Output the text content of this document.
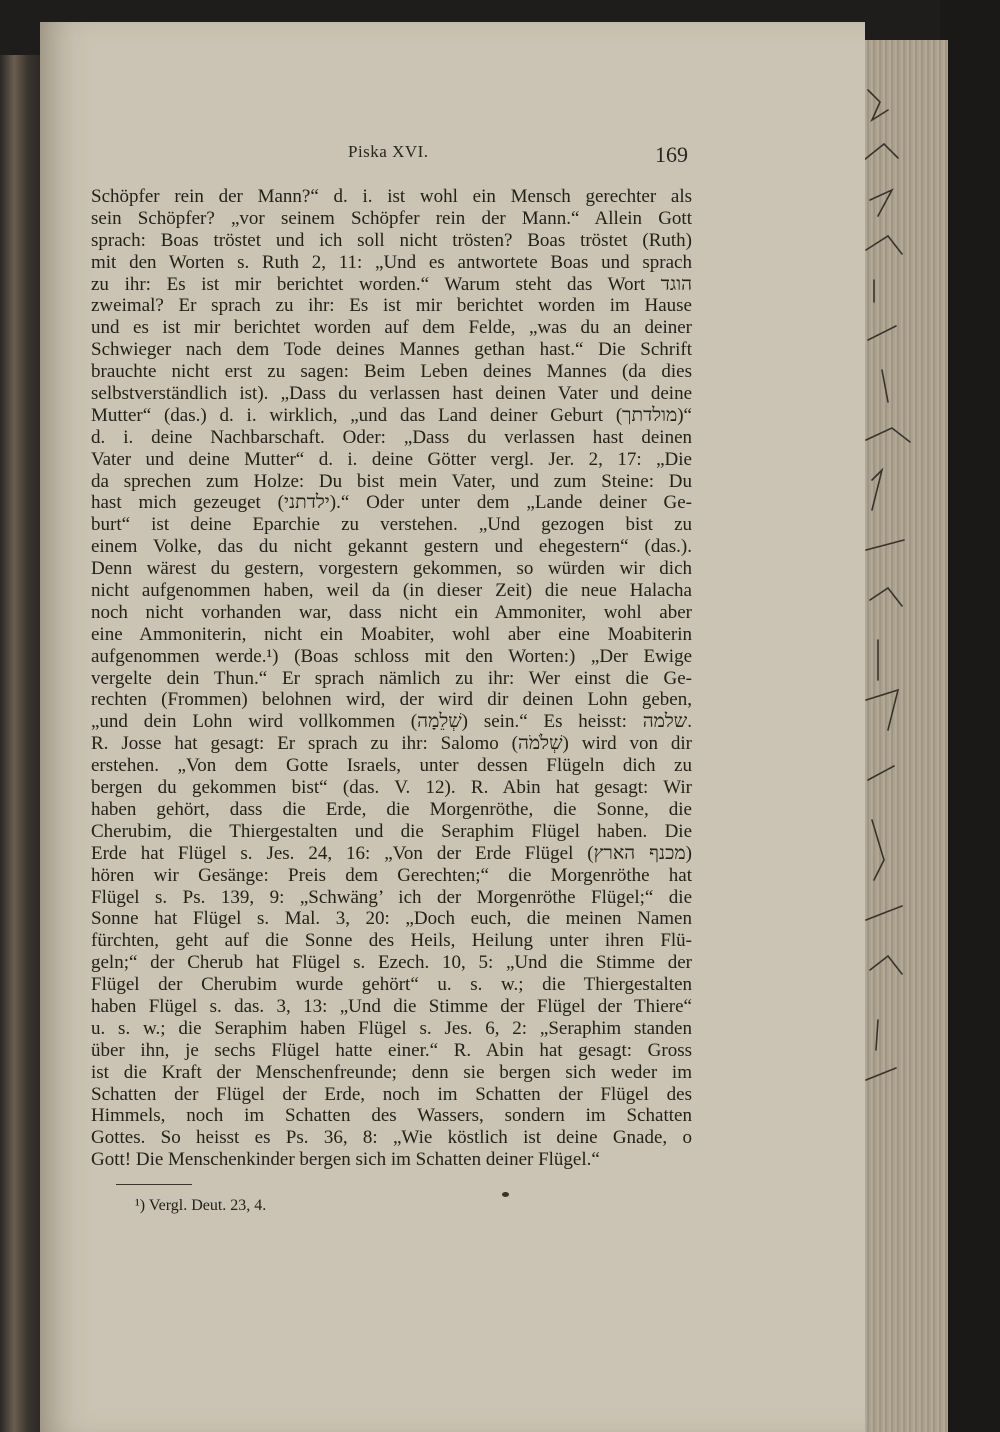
Piska XVI.	169
Schöpfer rein der Mann?“ d. i. ist wohl ein Mensch gerechter als
sein Schöpfer? „vor seinem Schöpfer rein der Mann.“ Allein Gott
sprach: Boas tröstet und ich soll nicht trösten? Boas tröstet (Ruth)
mit den Worten s. Ruth 2, 11: „Und es antwortete Boas und sprach
zu ihr: Es ist mir berichtet worden.“ Warum steht das Wort הוגד
zweimal? Er sprach zu ihr: Es ist mir berichtet worden im Hause
und es ist mir berichtet worden auf dem Felde, „was du an deiner
Schwieger nach dem Tode deines Mannes gethan hast.“ Die Schrift
brauchte nicht erst zu sagen: Beim Leben deines Mannes (da dies
selbstverständlich ist). „Dass du verlassen hast deinen Vater und deine
Mutter“ (das.) d. i. wirklich, „und das Land deiner Geburt (מולדתך)“
d. i. deine Nachbarschaft. Oder: „Dass du verlassen hast deinen
Vater und deine Mutter“ d. i. deine Götter vergl. Jer. 2, 17: „Die
da sprechen zum Holze: Du bist mein Vater, und zum Steine: Du
hast mich gezeuget (ילדתני).“ Oder unter dem „Lande deiner Ge-
burt“ ist deine Eparchie zu verstehen. „Und gezogen bist zu
einem Volke, das du nicht gekannt gestern und ehegestern“ (das.).
Denn wärest du gestern, vorgestern gekommen, so würden wir dich
nicht aufgenommen haben, weil da (in dieser Zeit) die neue Halacha
noch nicht vorhanden war, dass nicht ein Ammoniter, wohl aber
eine Ammoniterin, nicht ein Moabiter, wohl aber eine Moabiterin
aufgenommen werde.¹) (Boas schloss mit den Worten:) „Der Ewige
vergelte dein Thun.“ Er sprach nämlich zu ihr: Wer einst die Ge-
rechten (Frommen) belohnen wird, der wird dir deinen Lohn geben,
„und dein Lohn wird vollkommen (שְׁלֵמָה) sein.“ Es heisst: שלמה.
R. Josse hat gesagt: Er sprach zu ihr: Salomo (שְׁלֹמֹה) wird von dir
erstehen. „Von dem Gotte Israels, unter dessen Flügeln dich zu
bergen du gekommen bist“ (das. V. 12). R. Abin hat gesagt: Wir
haben gehört, dass die Erde, die Morgenröthe, die Sonne, die
Cherubim, die Thiergestalten und die Seraphim Flügel haben. Die
Erde hat Flügel s. Jes. 24, 16: „Von der Erde Flügel (מכנף הארץ)
hören wir Gesänge: Preis dem Gerechten;“ die Morgenröthe hat
Flügel s. Ps. 139, 9: „Schwäng’ ich der Morgenröthe Flügel;“ die
Sonne hat Flügel s. Mal. 3, 20: „Doch euch, die meinen Namen
fürchten, geht auf die Sonne des Heils, Heilung unter ihren Flü-
geln;“ der Cherub hat Flügel s. Ezech. 10, 5: „Und die Stimme der
Flügel der Cherubim wurde gehört“ u. s. w.; die Thiergestalten
haben Flügel s. das. 3, 13: „Und die Stimme der Flügel der Thiere“
u. s. w.; die Seraphim haben Flügel s. Jes. 6, 2: „Seraphim standen
über ihn, je sechs Flügel hatte einer.“ R. Abin hat gesagt: Gross
ist die Kraft der Menschenfreunde; denn sie bergen sich weder im
Schatten der Flügel der Erde, noch im Schatten der Flügel des
Himmels, noch im Schatten des Wassers, sondern im Schatten
Gottes. So heisst es Ps. 36, 8: „Wie köstlich ist deine Gnade, o
Gott! Die Menschenkinder bergen sich im Schatten deiner Flügel.“
¹) Vergl. Deut. 23, 4.
